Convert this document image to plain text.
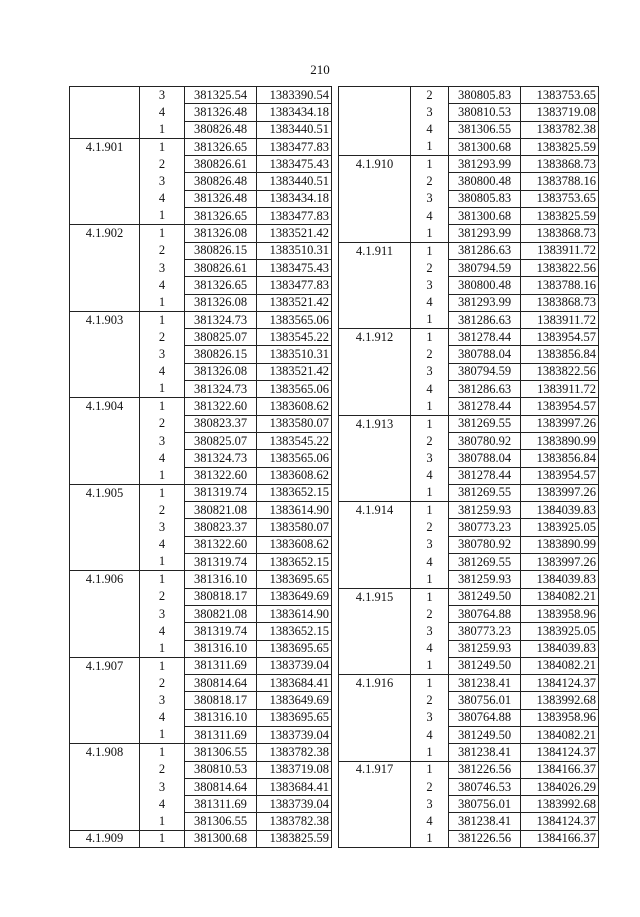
210
	3	381325.54	1383390.54
	4	381326.48	1383434.18
	1	380826.48	1383440.51
4.1.901	1	381326.65	1383477.83
	2	380826.61	1383475.43
	3	380826.48	1383440.51
	4	381326.48	1383434.18
	1	381326.65	1383477.83
4.1.902	1	381326.08	1383521.42
	2	380826.15	1383510.31
	3	380826.61	1383475.43
	4	381326.65	1383477.83
	1	381326.08	1383521.42
4.1.903	1	381324.73	1383565.06
	2	380825.07	1383545.22
	3	380826.15	1383510.31
	4	381326.08	1383521.42
	1	381324.73	1383565.06
4.1.904	1	381322.60	1383608.62
	2	380823.37	1383580.07
	3	380825.07	1383545.22
	4	381324.73	1383565.06
	1	381322.60	1383608.62
4.1.905	1	381319.74	1383652.15
	2	380821.08	1383614.90
	3	380823.37	1383580.07
	4	381322.60	1383608.62
	1	381319.74	1383652.15
4.1.906	1	381316.10	1383695.65
	2	380818.17	1383649.69
	3	380821.08	1383614.90
	4	381319.74	1383652.15
	1	381316.10	1383695.65
4.1.907	1	381311.69	1383739.04
	2	380814.64	1383684.41
	3	380818.17	1383649.69
	4	381316.10	1383695.65
	1	381311.69	1383739.04
4.1.908	1	381306.55	1383782.38
	2	380810.53	1383719.08
	3	380814.64	1383684.41
	4	381311.69	1383739.04
	1	381306.55	1383782.38
4.1.909	1	381300.68	1383825.59
	2	380805.83	1383753.65
	3	380810.53	1383719.08
	4	381306.55	1383782.38
	1	381300.68	1383825.59
4.1.910	1	381293.99	1383868.73
	2	380800.48	1383788.16
	3	380805.83	1383753.65
	4	381300.68	1383825.59
	1	381293.99	1383868.73
4.1.911	1	381286.63	1383911.72
	2	380794.59	1383822.56
	3	380800.48	1383788.16
	4	381293.99	1383868.73
	1	381286.63	1383911.72
4.1.912	1	381278.44	1383954.57
	2	380788.04	1383856.84
	3	380794.59	1383822.56
	4	381286.63	1383911.72
	1	381278.44	1383954.57
4.1.913	1	381269.55	1383997.26
	2	380780.92	1383890.99
	3	380788.04	1383856.84
	4	381278.44	1383954.57
	1	381269.55	1383997.26
4.1.914	1	381259.93	1384039.83
	2	380773.23	1383925.05
	3	380780.92	1383890.99
	4	381269.55	1383997.26
	1	381259.93	1384039.83
4.1.915	1	381249.50	1384082.21
	2	380764.88	1383958.96
	3	380773.23	1383925.05
	4	381259.93	1384039.83
	1	381249.50	1384082.21
4.1.916	1	381238.41	1384124.37
	2	380756.01	1383992.68
	3	380764.88	1383958.96
	4	381249.50	1384082.21
	1	381238.41	1384124.37
4.1.917	1	381226.56	1384166.37
	2	380746.53	1384026.29
	3	380756.01	1383992.68
	4	381238.41	1384124.37
	1	381226.56	1384166.37
